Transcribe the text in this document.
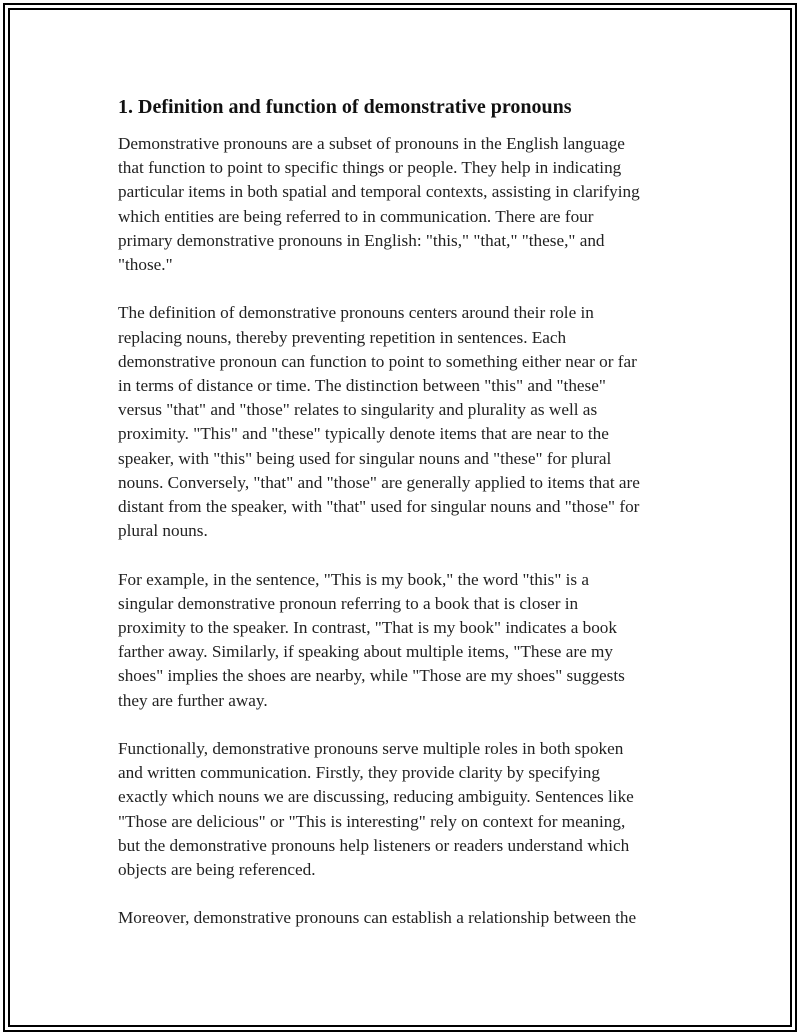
1. Definition and function of demonstrative pronouns

Demonstrative pronouns are a subset of pronouns in the English language
that function to point to specific things or people. They help in indicating
particular items in both spatial and temporal contexts, assisting in clarifying
which entities are being referred to in communication. There are four
primary demonstrative pronouns in English: "this," "that," "these," and
"those."

The definition of demonstrative pronouns centers around their role in
replacing nouns, thereby preventing repetition in sentences. Each
demonstrative pronoun can function to point to something either near or far
in terms of distance or time. The distinction between "this" and "these"
versus "that" and "those" relates to singularity and plurality as well as
proximity. "This" and "these" typically denote items that are near to the
speaker, with "this" being used for singular nouns and "these" for plural
nouns. Conversely, "that" and "those" are generally applied to items that are
distant from the speaker, with "that" used for singular nouns and "those" for
plural nouns.

For example, in the sentence, "This is my book," the word "this" is a
singular demonstrative pronoun referring to a book that is closer in
proximity to the speaker. In contrast, "That is my book" indicates a book
farther away. Similarly, if speaking about multiple items, "These are my
shoes" implies the shoes are nearby, while "Those are my shoes" suggests
they are further away.

Functionally, demonstrative pronouns serve multiple roles in both spoken
and written communication. Firstly, they provide clarity by specifying
exactly which nouns we are discussing, reducing ambiguity. Sentences like
"Those are delicious" or "This is interesting" rely on context for meaning,
but the demonstrative pronouns help listeners or readers understand which
objects are being referenced.

Moreover, demonstrative pronouns can establish a relationship between the
